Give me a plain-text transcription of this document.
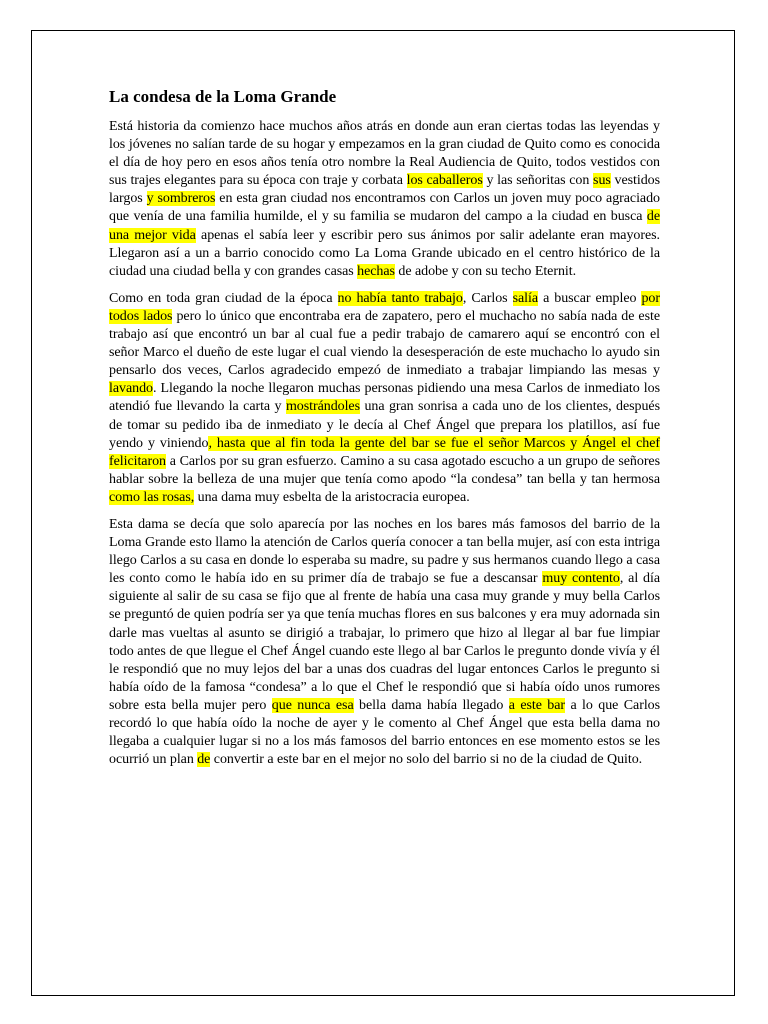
La condesa de la Loma Grande

Está historia da comienzo hace muchos años atrás en donde aun eran ciertas todas las leyendas y los jóvenes no salían tarde de su hogar y empezamos en la gran ciudad de Quito como es conocida el día de hoy pero en esos años tenía otro nombre la Real Audiencia de Quito, todos vestidos con sus trajes elegantes para su época con traje y corbata los caballeros y las señoritas con sus vestidos largos y sombreros en esta gran ciudad nos encontramos con Carlos un joven muy poco agraciado que venía de una familia humilde, el y su familia se mudaron del campo a la ciudad en busca de una mejor vida apenas el sabía leer y escribir pero sus ánimos por salir adelante eran mayores. Llegaron así a un a barrio conocido como La Loma Grande ubicado en el centro histórico de la ciudad una ciudad bella y con grandes casas hechas de adobe y con su techo Eternit.

Como en toda gran ciudad de la época no había tanto trabajo, Carlos salía a buscar empleo por todos lados pero lo único que encontraba era de zapatero, pero el muchacho no sabía nada de este trabajo así que encontró un bar al cual fue a pedir trabajo de camarero aquí se encontró con el señor Marco el dueño de este lugar el cual viendo la desesperación de este muchacho lo ayudo sin pensarlo dos veces, Carlos agradecido empezó de inmediato a trabajar limpiando las mesas y lavando. Llegando la noche llegaron muchas personas pidiendo una mesa Carlos de inmediato los atendió fue llevando la carta y mostrándoles una gran sonrisa a cada uno de los clientes, después de tomar su pedido iba de inmediato y le decía al Chef Ángel que prepara los platillos, así fue yendo y viniendo, hasta que al fin toda la gente del bar se fue el señor Marcos y Ángel el chef felicitaron a Carlos por su gran esfuerzo. Camino a su casa agotado escucho a un grupo de señores hablar sobre la belleza de una mujer que tenía como apodo “la condesa” tan bella y tan hermosa como las rosas, una dama muy esbelta de la aristocracia europea.

Esta dama se decía que solo aparecía por las noches en los bares más famosos del barrio de la Loma Grande esto llamo la atención de Carlos quería conocer a tan bella mujer, así con esta intriga llego Carlos a su casa en donde lo esperaba su madre, su padre y sus hermanos cuando llego a casa les conto como le había ido en su primer día de trabajo se fue a descansar muy contento, al día siguiente al salir de su casa se fijo que al frente de había una casa muy grande y muy bella Carlos se preguntó de quien podría ser ya que tenía muchas flores en sus balcones y era muy adornada sin darle mas vueltas al asunto se dirigió a trabajar, lo primero que hizo al llegar al bar fue limpiar todo antes de que llegue el Chef Ángel cuando este llego al bar Carlos le pregunto donde vivía y él le respondió que no muy lejos del bar a unas dos cuadras del lugar entonces Carlos le pregunto si había oído de la famosa “condesa” a lo que el Chef le respondió que si había oído unos rumores sobre esta bella mujer pero que nunca esa bella dama había llegado a este bar a lo que Carlos recordó lo que había oído la noche de ayer y le comento al Chef Ángel que esta bella dama no llegaba a cualquier lugar si no a los más famosos del barrio entonces en ese momento estos se les ocurrió un plan de convertir a este bar en el mejor no solo del barrio si no de la ciudad de Quito.
